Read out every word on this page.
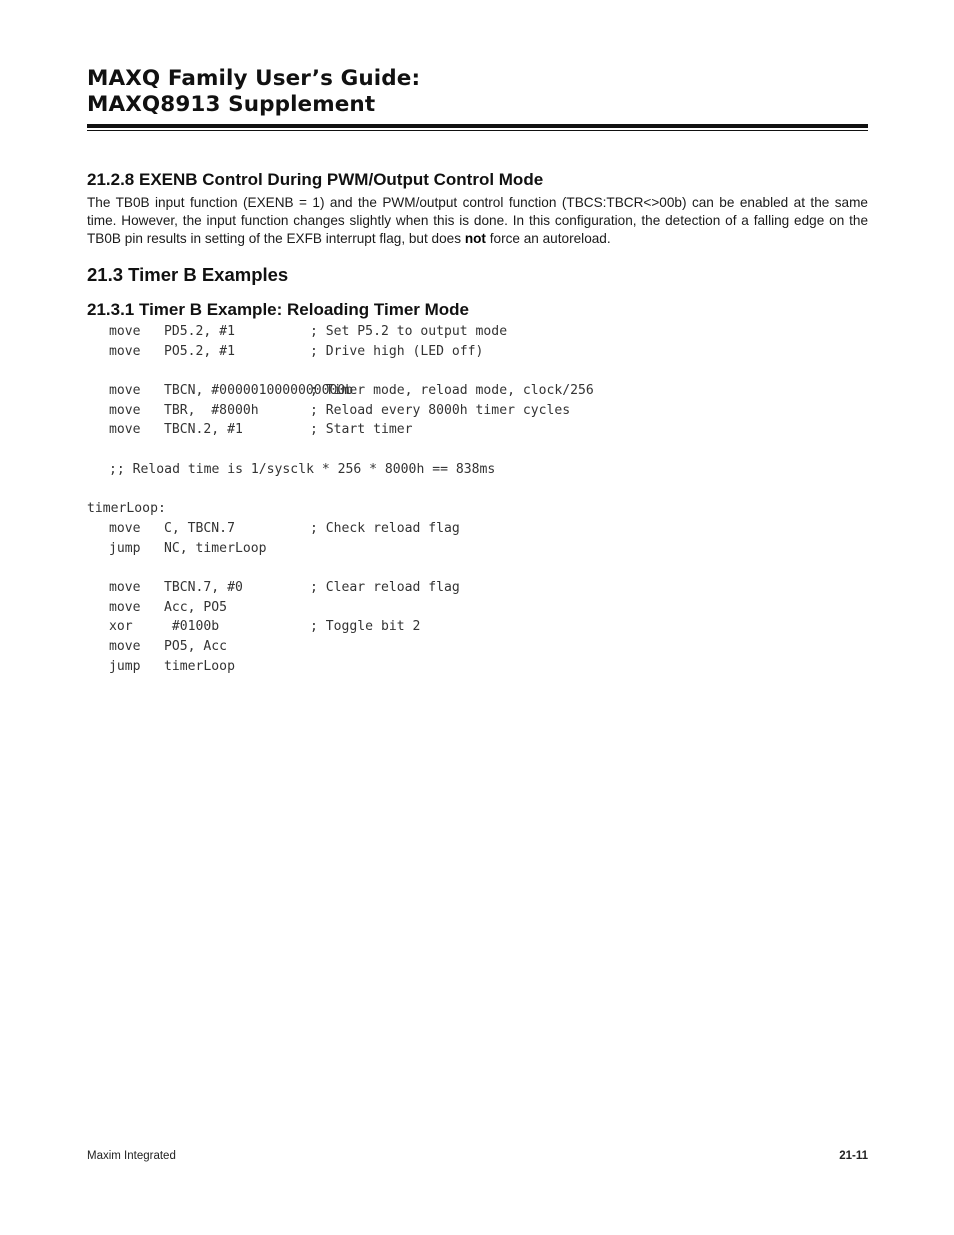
MAXQ Family User’s Guide:
MAXQ8913 Supplement
21.2.8 EXENB Control During PWM/Output Control Mode

The TB0B input function (EXENB = 1) and the PWM/output control function (TBCS:TBCR<>00b) can be enabled at the same time. However, the input function changes slightly when this is done. In this configuration, the detection of a falling edge on the TB0B pin results in setting of the EXFB interrupt flag, but does not force an autoreload.

21.3 Timer B Examples
21.3.1 Timer B Example: Reloading Timer Mode
move	PD5.2, #1	; Set P5.2 to output mode
move	PO5.2, #1	; Drive high (LED off)
move	TBCN, #0000010000000000b
; Timer mode, reload mode, clock/256
move	TBR,  #8000h	; Reload every 8000h timer cycles
move	TBCN.2, #1	; Start timer
;; Reload time is 1/sysclk * 256 * 8000h == 838ms
timerLoop:
move	C, TBCN.7	; Check reload flag
jump	NC, timerLoop
move	TBCN.7, #0	; Clear reload flag
move	Acc, PO5
xor	#0100b	; Toggle bit 2
move	PO5, Acc
jump	timerLoop
Maxim Integrated	21-11
